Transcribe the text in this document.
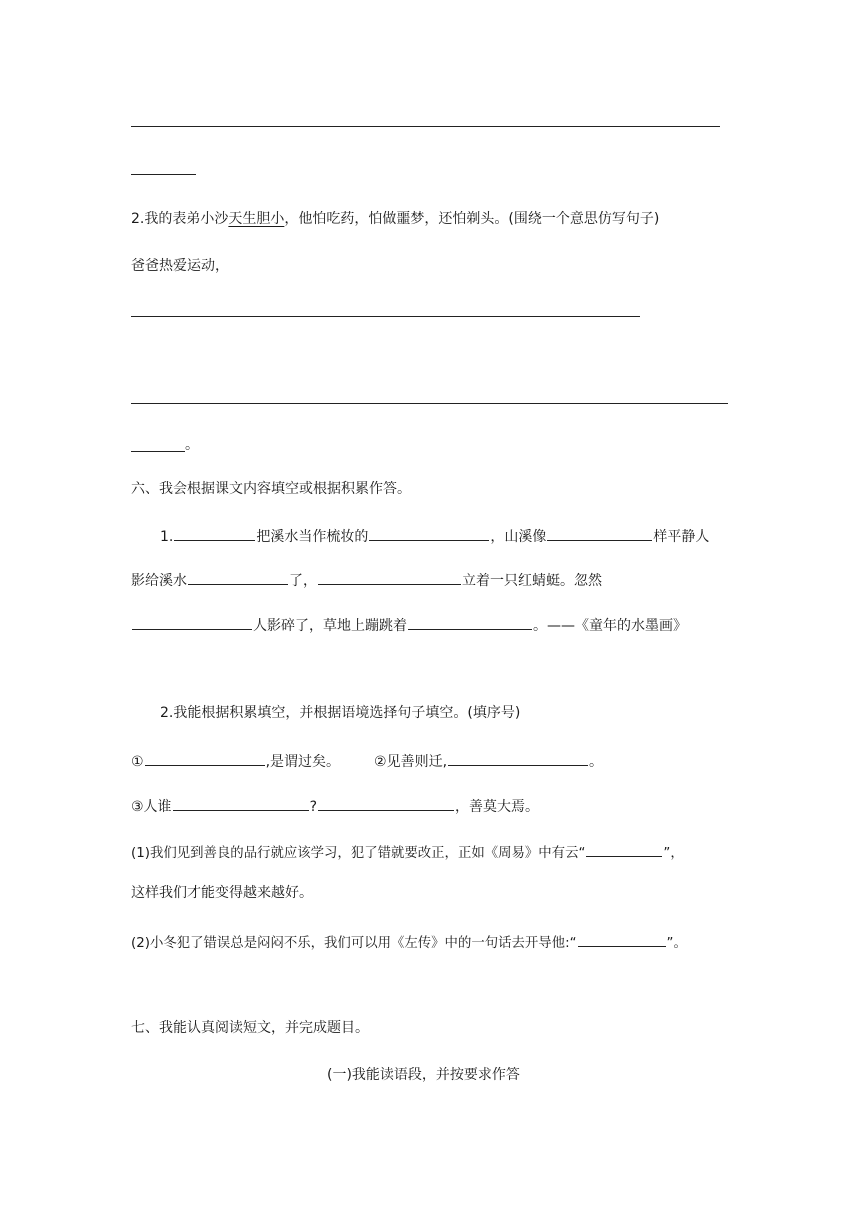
2.我的表弟小沙天生胆小，他怕吃药，怕做噩梦，还怕剃头。(围绕一个意思仿写句子)
爸爸热爱运动，
。
六、我会根据课文内容填空或根据积累作答。
1.	把溪水当作梳妆的	，山溪像	样平静人
影给溪水	了，	立着一只红蜻蜓。忽然
人影碎了，草地上蹦跳着	。——《童年的水墨画》
2.我能根据积累填空，并根据语境选择句子填空。(填序号)
①	,是谓过矣。 ②见善则迁,	。
③人谁	?	，善莫大焉。
(1)我们见到善良的品行就应该学习，犯了错就要改正，正如《周易》中有云“	”，
这样我们才能变得越来越好。
(2)小冬犯了错误总是闷闷不乐，我们可以用《左传》中的一句话去开导他:“	”。
七、我能认真阅读短文，并完成题目。
(一)我能读语段，并按要求作答
